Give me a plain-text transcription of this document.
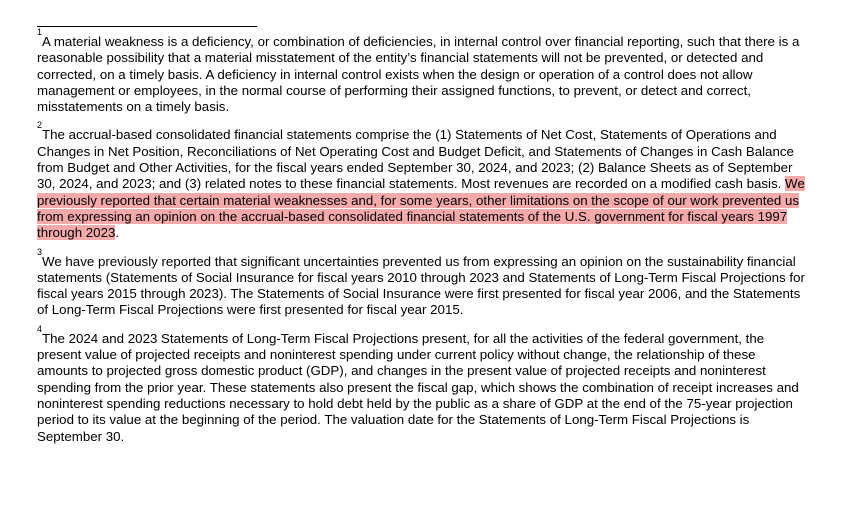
$^1$A material weakness is a deficiency, or combination of deficiencies, in internal control over financial reporting, such that there is a reasonable possibility that a material misstatement of the entity’s financial statements will not be prevented, or detected and corrected, on a timely basis. A deficiency in internal control exists when the design or operation of a control does not allow management or employees, in the normal course of performing their assigned functions, to prevent, or detect and correct, misstatements on a timely basis.

$^2$The accrual-based consolidated financial statements comprise the (1) Statements of Net Cost, Statements of Operations and Changes in Net Position, Reconciliations of Net Operating Cost and Budget Deficit, and Statements of Changes in Cash Balance from Budget and Other Activities, for the fiscal years ended September 30, 2024, and 2023; (2) Balance Sheets as of September 30, 2024, and 2023; and (3) related notes to these financial statements. Most revenues are recorded on a modified cash basis. We previously reported that certain material weaknesses and, for some years, other limitations on the scope of our work prevented us from expressing an opinion on the accrual-based consolidated financial statements of the U.S. government for fiscal years 1997 through 2023.

$^3$We have previously reported that significant uncertainties prevented us from expressing an opinion on the sustainability financial statements (Statements of Social Insurance for fiscal years 2010 through 2023 and Statements of Long-Term Fiscal Projections for fiscal years 2015 through 2023). The Statements of Social Insurance were first presented for fiscal year 2006, and the Statements of Long-Term Fiscal Projections were first presented for fiscal year 2015.

$^4$The 2024 and 2023 Statements of Long-Term Fiscal Projections present, for all the activities of the federal government, the present value of projected receipts and noninterest spending under current policy without change, the relationship of these amounts to projected gross domestic product (GDP), and changes in the present value of projected receipts and noninterest spending from the prior year. These statements also present the fiscal gap, which shows the combination of receipt increases and noninterest spending reductions necessary to hold debt held by the public as a share of GDP at the end of the 75-year projection period to its value at the beginning of the period. The valuation date for the Statements of Long-Term Fiscal Projections is September 30.
